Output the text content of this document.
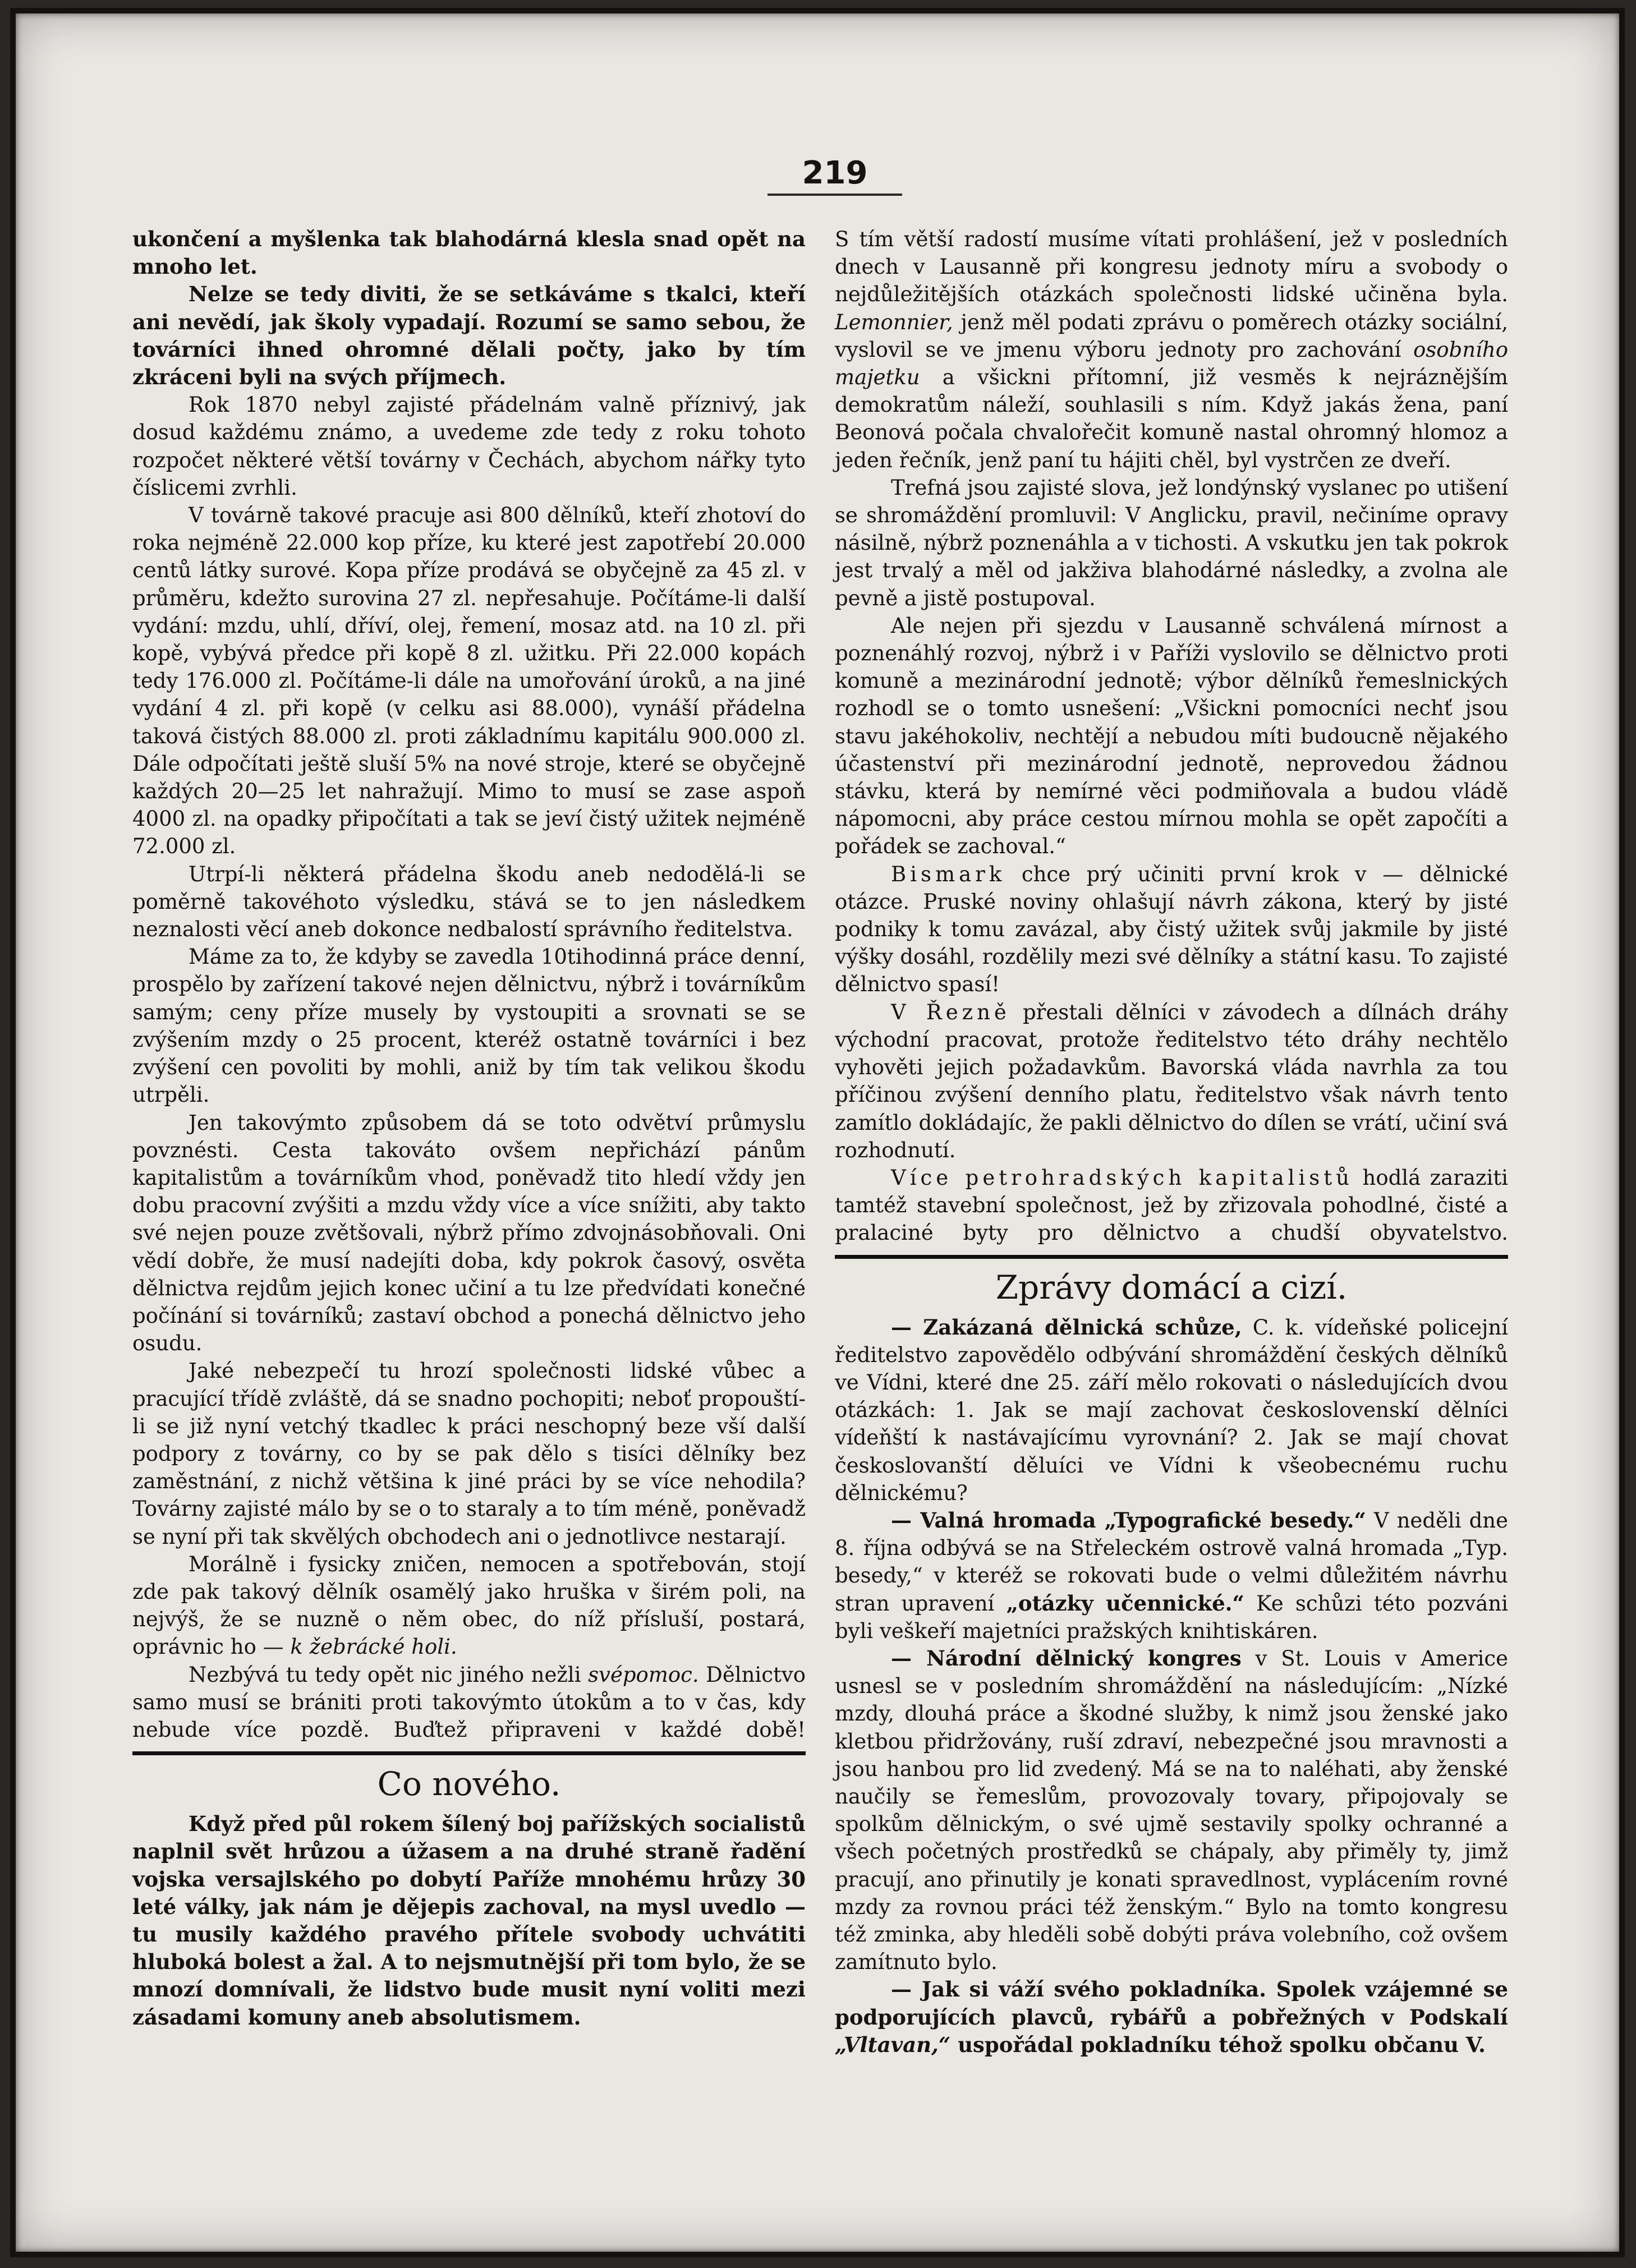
219

ukončení a myšlenka tak blahodárná klesla snad opět na mnoho let.

Nelze se tedy diviti, že se setkáváme s tkalci, kteří ani nevědí, jak školy vypadají. Rozumí se samo sebou, že továrníci ihned ohromné dělali počty, jako by tím zkráceni byli na svých příjmech.

Rok 1870 nebyl zajisté přádelnám valně příznivý, jak dosud každému známo, a uvedeme zde tedy z roku tohoto rozpočet některé větší továrny v Čechách, abychom nářky tyto číslicemi zvrhli.

V továrně takové pracuje asi 800 dělníků, kteří zhotoví do roka nejméně 22.000 kop příze, ku které jest zapotřebí 20.000 centů látky surové. Kopa příze prodává se obyčejně za 45 zl. v průměru, kdežto surovina 27 zl. nepřesahuje. Počítáme-li další vydání: mzdu, uhlí, dříví, olej, řemení, mosaz atd. na 10 zl. při kopě, vybývá předce při kopě 8 zl. užitku. Při 22.000 kopách tedy 176.000 zl. Počítáme-li dále na umořování úroků, a na jiné vydání 4 zl. při kopě (v celku asi 88.000), vynáší přádelna taková čistých 88.000 zl. proti základnímu kapitálu 900.000 zl. Dále odpočítati ještě sluší 5% na nové stroje, které se obyčejně každých 20—25 let nahražují. Mimo to musí se zase aspoň 4000 zl. na opadky připočítati a tak se jeví čistý užitek nejméně 72.000 zl.

Utrpí-li některá přádelna škodu aneb nedodělá-li se poměrně takovéhoto výsledku, stává se to jen následkem neznalosti věcí aneb dokonce nedbalostí správního ředitelstva.

Máme za to, že kdyby se zavedla 10tihodinná práce denní, prospělo by zařízení takové nejen dělnictvu, nýbrž i továrníkům samým; ceny příze musely by vystoupiti a srovnati se se zvýšením mzdy o 25 procent, kteréž ostatně továrníci i bez zvýšení cen povoliti by mohli, aniž by tím tak velikou škodu utrpěli.

Jen takovýmto způsobem dá se toto odvětví průmyslu povznésti. Cesta takováto ovšem nepřichází pánům kapitalistům a továrníkům vhod, poněvadž tito hledí vždy jen dobu pracovní zvýšiti a mzdu vždy více a více snížiti, aby takto své nejen pouze zvětšovali, nýbrž přímo zdvojnásobňovali. Oni vědí dobře, že musí nadejíti doba, kdy pokrok časový, osvěta dělnictva rejdům jejich konec učiní a tu lze předvídati konečné počínání si továrníků; zastaví obchod a ponechá dělnictvo jeho osudu.

Jaké nebezpečí tu hrozí společnosti lidské vůbec a pracující třídě zvláště, dá se snadno pochopiti; neboť propouští-li se již nyní vetchý tkadlec k práci neschopný beze vší další podpory z továrny, co by se pak dělo s tisíci dělníky bez zaměstnání, z nichž většina k jiné práci by se více nehodila? Továrny zajisté málo by se o to staraly a to tím méně, poněvadž se nyní při tak skvělých obchodech ani o jednotlivce nestarají.

Morálně i fysicky zničen, nemocen a spotřebován, stojí zde pak takový dělník osamělý jako hruška v širém poli, na nejvýš, že se nuzně o něm obec, do níž přísluší, postará, oprávnic ho — k žebrácké holi.

Nezbývá tu tedy opět nic jiného nežli svépomoc. Dělnictvo samo musí se brániti proti takovýmto útokům a to v čas, kdy nebude více pozdě. Buďtež připraveni v každé době!

Co nového.

Když před půl rokem šílený boj pařížských socialistů naplnil svět hrůzou a úžasem a na druhé straně řadění vojska versajlského po dobytí Paříže mnohému hrůzy 30 leté války, jak nám je dějepis zachoval, na mysl uvedlo — tu musily každého pravého přítele svobody uchvátiti hluboká bolest a žal. A to nejsmutnější při tom bylo, že se mnozí domnívali, že lidstvo bude musit nyní voliti mezi zásadami komuny aneb absolutismem.

S tím větší radostí musíme vítati prohlášení, jež v posledních dnech v Lausanně při kongresu jednoty míru a svobody o nejdůležitějších otázkách společnosti lidské učiněna byla. Lemonnier, jenž měl podati zprávu o poměrech otázky sociální, vyslovil se ve jmenu výboru jednoty pro zachování osobního majetku a všickni přítomní, již vesměs k nejráznějším demokratům náleží, souhlasili s ním. Když jakás žena, paní Beonová počala chvalořečit komuně nastal ohromný hlomoz a jeden řečník, jenž paní tu hájiti chěl, byl vystrčen ze dveří.

Trefná jsou zajisté slova, jež londýnský vyslanec po utišení se shromáždění promluvil: V Anglicku, pravil, nečiníme opravy násilně, nýbrž poznenáhla a v tichosti. A vskutku jen tak pokrok jest trvalý a měl od jakživa blahodárné následky, a zvolna ale pevně a jistě postupoval.

Ale nejen při sjezdu v Lausanně schválená mírnost a poznenáhlý rozvoj, nýbrž i v Paříži vyslovilo se dělnictvo proti komuně a mezinárodní jednotě; výbor dělníků řemeslnických rozhodl se o tomto usnešení: „Všickni pomocníci nechť jsou stavu jakéhokoliv, nechtějí a nebudou míti budoucně nějakého účastenství při mezinárodní jednotě, neprovedou žádnou stávku, která by nemírné věci podmiňovala a budou vládě nápomocni, aby práce cestou mírnou mohla se opět započíti a pořádek se zachoval.“

Bismark chce prý učiniti první krok v — dělnické otázce. Pruské noviny ohlašují návrh zákona, který by jisté podniky k tomu zavázal, aby čistý užitek svůj jakmile by jisté výšky dosáhl, rozdělily mezi své dělníky a státní kasu. To zajisté dělnictvo spasí!

V Řezně přestali dělníci v závodech a dílnách dráhy východní pracovat, protože ředitelstvo této dráhy nechtělo vyhověti jejich požadavkům. Bavorská vláda navrhla za tou příčinou zvýšení denního platu, ředitelstvo však návrh tento zamítlo dokládajíc, že pakli dělnictvo do dílen se vrátí, učiní svá rozhodnutí.

Více petrohradských kapitalistů hodlá zaraziti tamtéž stavební společnost, jež by zřizovala pohodlné, čisté a pralaciné byty pro dělnictvo a chudší obyvatelstvo.

Zprávy domácí a cizí.

— Zakázaná dělnická schůze, C. k. vídeňské policejní ředitelstvo zapovědělo odbývání shromáždění českých dělníků ve Vídni, které dne 25. září mělo rokovati o následujících dvou otázkách: 1. Jak se mají zachovat československí dělníci vídeňští k nastávajícímu vyrovnání? 2. Jak se mají chovat českoslovanští děluíci ve Vídni k všeobecnému ruchu dělnickému?

— Valná hromada „Typografické besedy.“ V neděli dne 8. října odbývá se na Střeleckém ostrově valná hromada „Typ. besedy,“ v kteréž se rokovati bude o velmi důležitém návrhu stran upravení „otázky učennické.“ Ke schůzi této pozváni byli veškeří majetníci pražských knihtiskáren.

— Národní dělnický kongres v St. Louis v Americe usnesl se v posledním shromáždění na následujícím: „Nízké mzdy, dlouhá práce a škodné služby, k nimž jsou ženské jako kletbou přidržovány, ruší zdraví, nebezpečné jsou mravnosti a jsou hanbou pro lid zvedený. Má se na to naléhati, aby ženské naučily se řemeslům, provozovaly tovary, připojovaly se spolkům dělnickým, o své ujmě sestavily spolky ochranné a všech početných prostředků se chápaly, aby přiměly ty, jimž pracují, ano přinutily je konati spravedlnost, vyplácením rovné mzdy za rovnou práci též ženským.“ Bylo na tomto kongresu též zminka, aby hleděli sobě dobýti práva volebního, což ovšem zamítnuto bylo.

— Jak si váží svého pokladníka. Spolek vzájemné se podporujících plavců, rybářů a pobřežných v Podskalí „Vltavan,“ uspořádal pokladníku téhož spolku občanu V.
